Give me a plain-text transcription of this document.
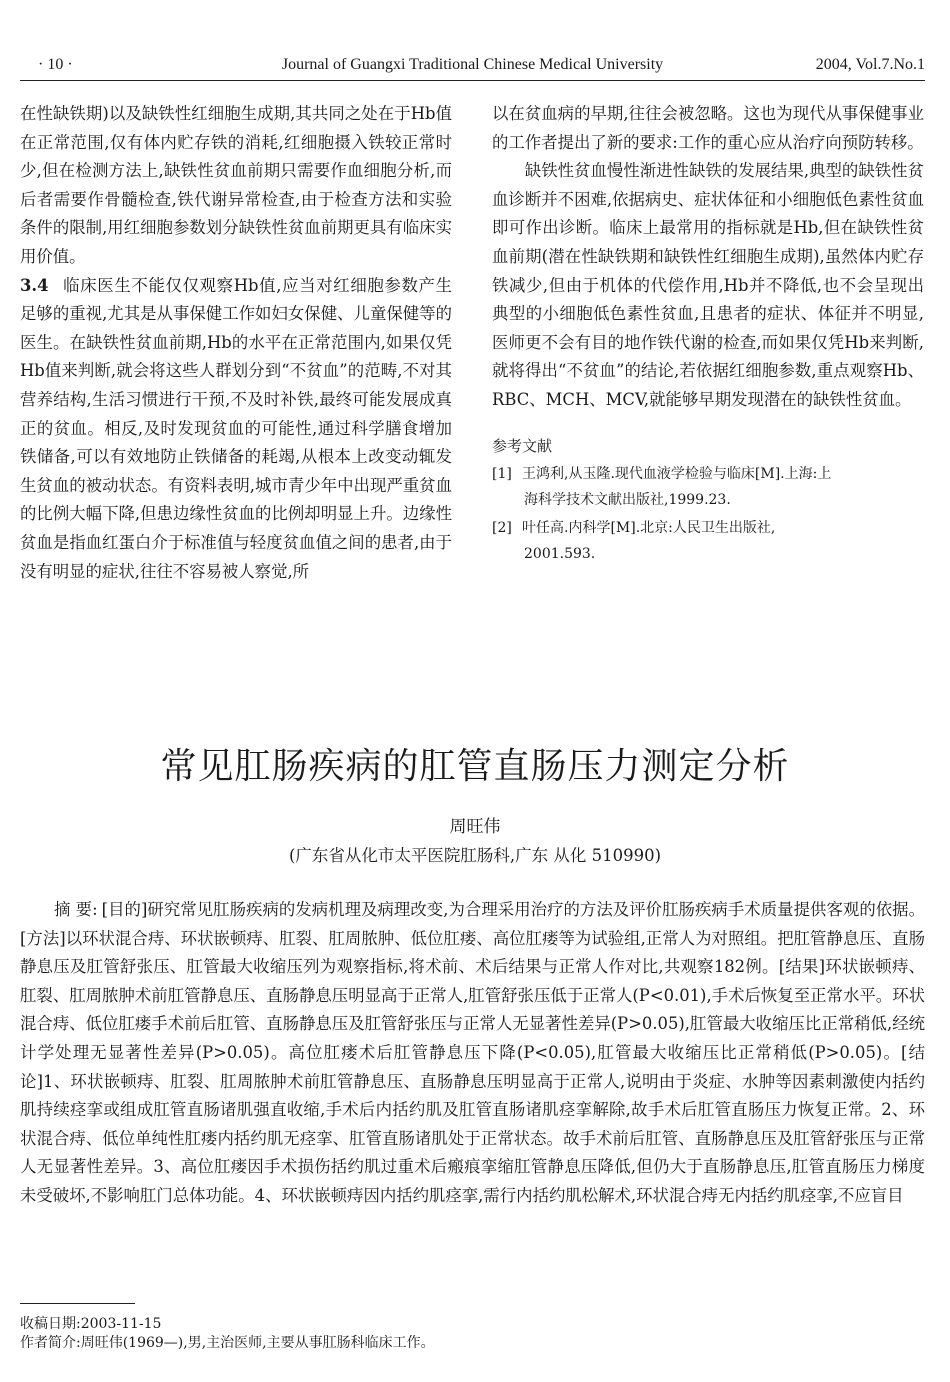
· 10 ·	Journal of Guangxi Traditional Chinese Medical University	2004, Vol.7.No.1

在性缺铁期)以及缺铁性红细胞生成期,其共同之处在于Hb值在正常范围,仅有体内贮存铁的消耗,红细胞摄入铁较正常时少,但在检测方法上,缺铁性贫血前期只需要作血细胞分析,而后者需要作骨髓检查,铁代谢异常检查,由于检查方法和实验条件的限制,用红细胞参数划分缺铁性贫血前期更具有临床实用价值。

3.4 临床医生不能仅仅观察Hb值,应当对红细胞参数产生足够的重视,尤其是从事保健工作如妇女保健、儿童保健等的医生。在缺铁性贫血前期,Hb的水平在正常范围内,如果仅凭Hb值来判断,就会将这些人群划分到“不贫血”的范畴,不对其营养结构,生活习惯进行干预,不及时补铁,最终可能发展成真正的贫血。相反,及时发现贫血的可能性,通过科学膳食增加铁储备,可以有效地防止铁储备的耗竭,从根本上改变动辄发生贫血的被动状态。有资料表明,城市青少年中出现严重贫血的比例大幅下降,但患边缘性贫血的比例却明显上升。边缘性贫血是指血红蛋白介于标准值与轻度贫血值之间的患者,由于没有明显的症状,往往不容易被人察觉,所

以在贫血病的早期,往往会被忽略。这也为现代从事保健事业的工作者提出了新的要求:工作的重心应从治疗向预防转移。

缺铁性贫血慢性渐进性缺铁的发展结果,典型的缺铁性贫血诊断并不困难,依据病史、症状体征和小细胞低色素性贫血即可作出诊断。临床上最常用的指标就是Hb,但在缺铁性贫血前期(潜在性缺铁期和缺铁性红细胞生成期),虽然体内贮存铁减少,但由于机体的代偿作用,Hb并不降低,也不会呈现出典型的小细胞低色素性贫血,且患者的症状、体征并不明显,医师更不会有目的地作铁代谢的检查,而如果仅凭Hb来判断,就将得出“不贫血”的结论,若依据红细胞参数,重点观察Hb、RBC、MCH、MCV,就能够早期发现潜在的缺铁性贫血。

参考文献
[1] 王鸿利,从玉隆.现代血液学检验与临床[M].上海:上
海科学技术文献出版社,1999.23.
[2] 叶任高.内科学[M].北京:人民卫生出版社,
2001.593.
常见肛肠疾病的肛管直肠压力测定分析
周旺伟
(广东省从化市太平医院肛肠科,广东 从化 510990)
摘 要: [目的]研究常见肛肠疾病的发病机理及病理改变,为合理采用治疗的方法及评价肛肠疾病手术质量提供客观的依据。[方法]以环状混合痔、环状嵌顿痔、肛裂、肛周脓肿、低位肛瘘、高位肛瘘等为试验组,正常人为对照组。把肛管静息压、直肠静息压及肛管舒张压、肛管最大收缩压列为观察指标,将术前、术后结果与正常人作对比,共观察182例。[结果]环状嵌顿痔、肛裂、肛周脓肿术前肛管静息压、直肠静息压明显高于正常人,肛管舒张压低于正常人(P<0.01),手术后恢复至正常水平。环状混合痔、低位肛瘘手术前后肛管、直肠静息压及肛管舒张压与正常人无显著性差异(P>0.05),肛管最大收缩压比正常稍低,经统计学处理无显著性差异(P>0.05)。高位肛瘘术后肛管静息压下降(P<0.05),肛管最大收缩压比正常稍低(P>0.05)。[结论]1、环状嵌顿痔、肛裂、肛周脓肿术前肛管静息压、直肠静息压明显高于正常人,说明由于炎症、水肿等因素刺激使内括约肌持续痉挛或组成肛管直肠诸肌强直收缩,手术后内括约肌及肛管直肠诸肌痉挛解除,故手术后肛管直肠压力恢复正常。2、环状混合痔、低位单纯性肛瘘内括约肌无痉挛、肛管直肠诸肌处于正常状态。故手术前后肛管、直肠静息压及肛管舒张压与正常人无显著性差异。3、高位肛瘘因手术损伤括约肌过重术后瘢痕挛缩肛管静息压降低,但仍大于直肠静息压,肛管直肠压力梯度未受破坏,不影响肛门总体功能。4、环状嵌顿痔因内括约肌痉挛,需行内括约肌松解术,环状混合痔无内括约肌痉挛,不应盲目
收稿日期:2003-11-15
作者简介:周旺伟(1969—),男,主治医师,主要从事肛肠科临床工作。
